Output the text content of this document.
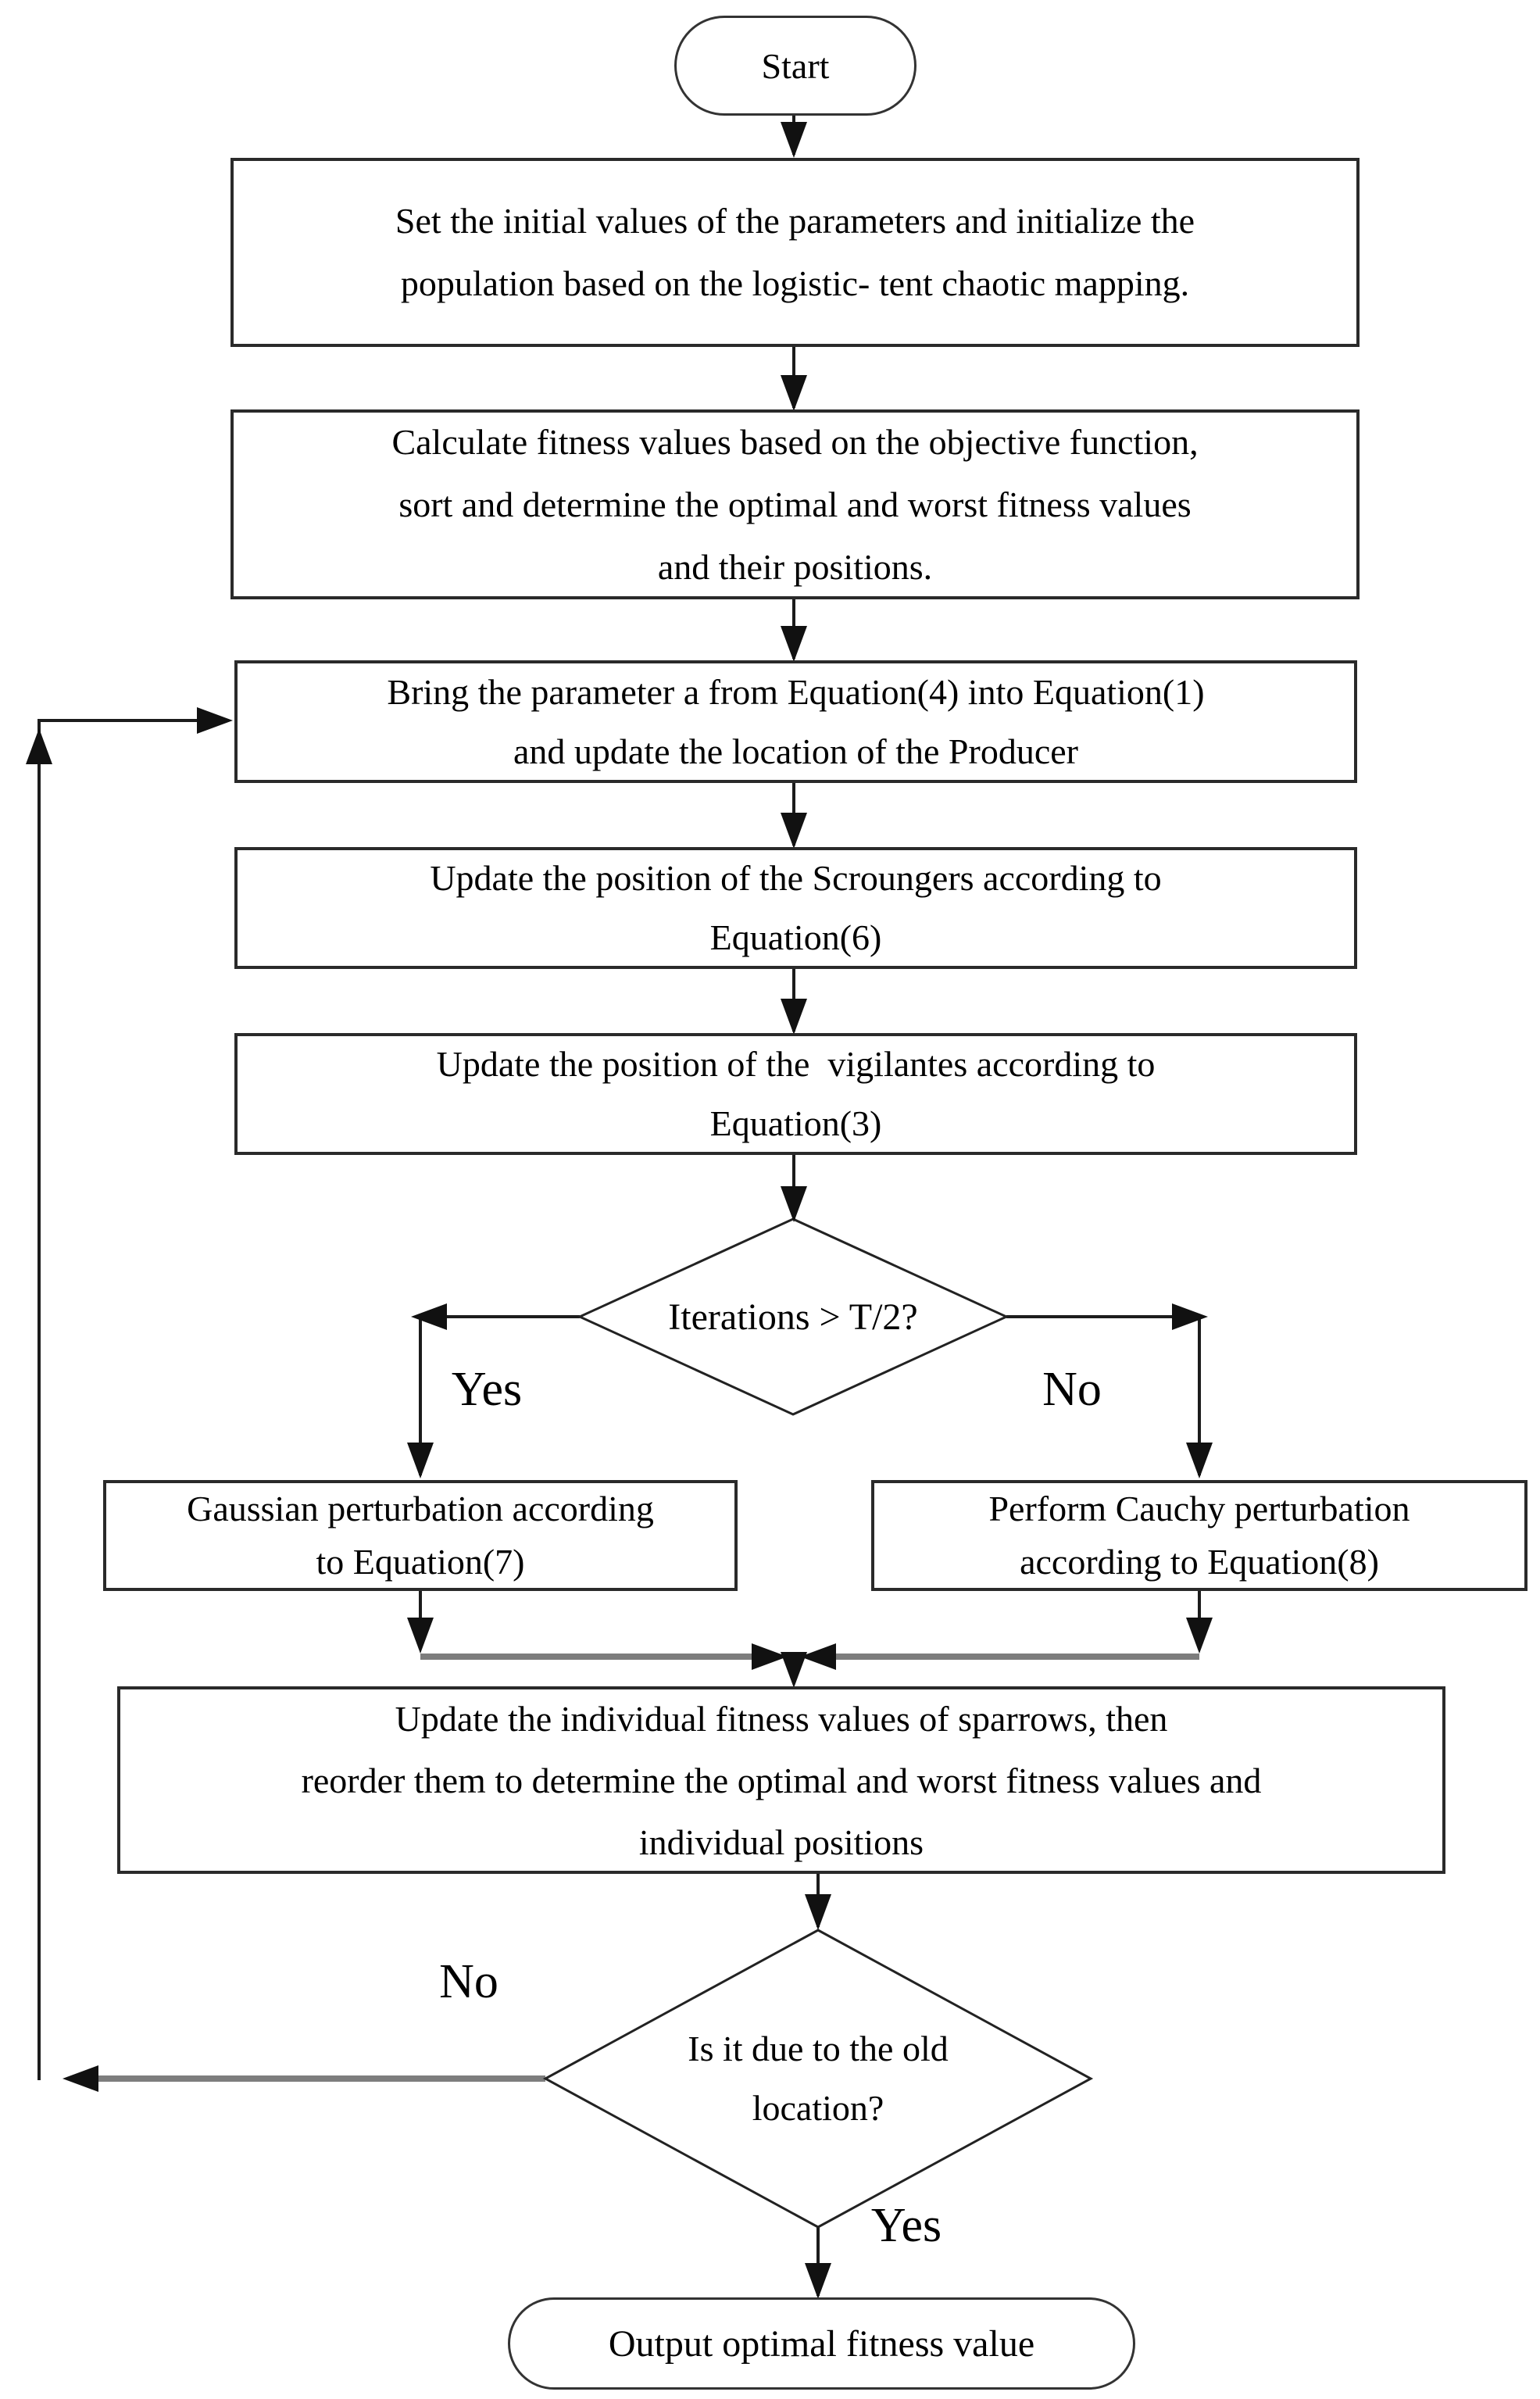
Start
Set the initial values of the parameters and initialize the
population based on the logistic- tent chaotic mapping.
Calculate fitness values based on the objective function,
sort and determine the optimal and worst fitness values
and their positions.
Bring the parameter a from Equation(4) into Equation(1)
and update the location of the Producer
Update the position of the Scroungers according to
Equation(6)
Update the position of the  vigilantes according to
Equation(3)
Iterations > T/2?
Yes	No
Gaussian perturbation according
to Equation(7)
Perform Cauchy perturbation
according to Equation(8)
Update the individual fitness values of sparrows, then
reorder them to determine the optimal and worst fitness values and
individual positions
Is it due to the old
location?
No
Yes
Output optimal fitness value
